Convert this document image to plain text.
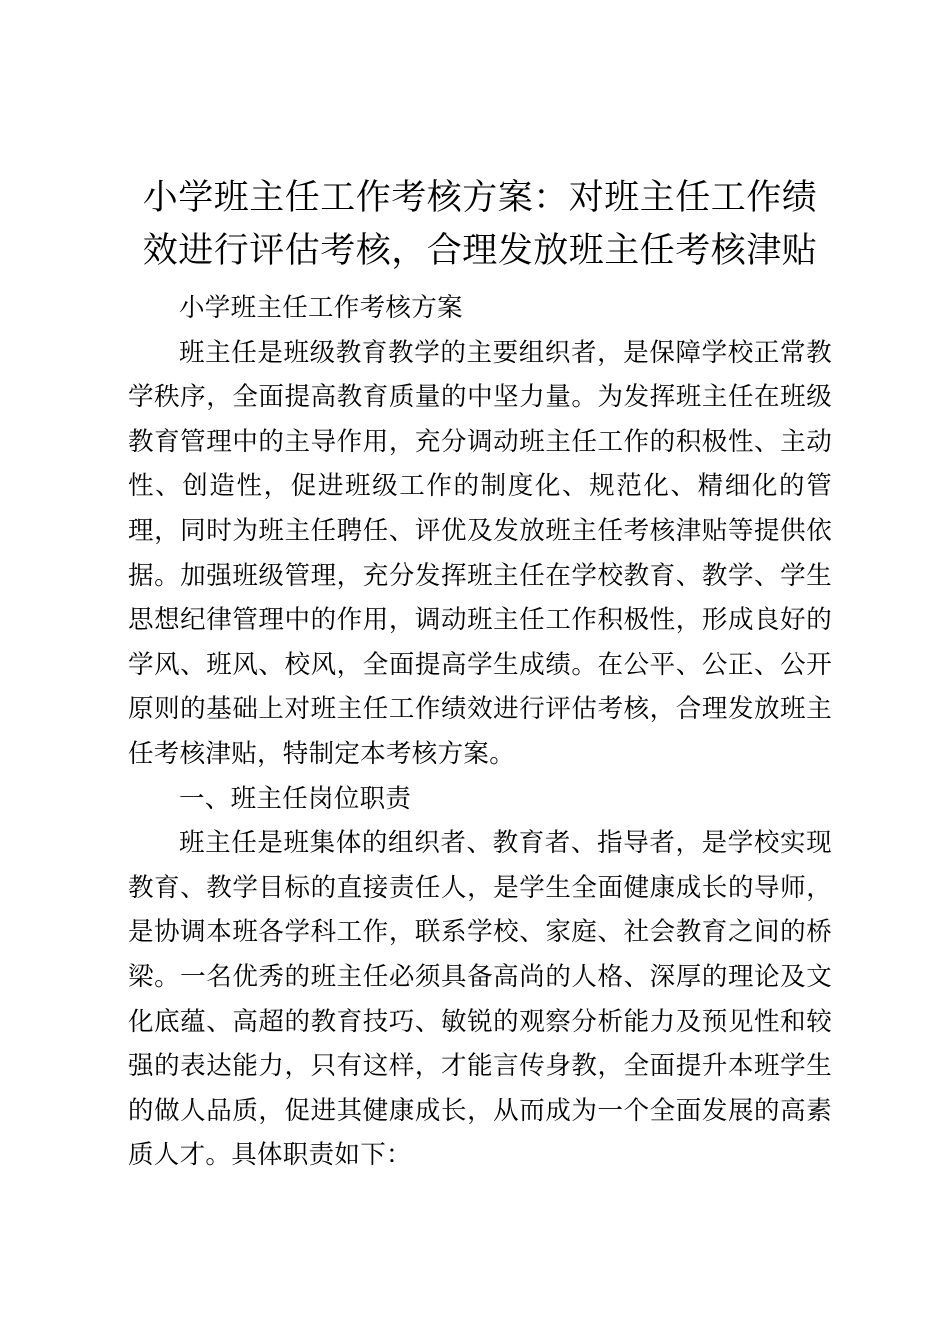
小学班主任工作考核方案：对班主任工作绩效进行评估考核，合理发放班主任考核津贴

小学班主任工作考核方案

班主任是班级教育教学的主要组织者，是保障学校正常教学秩序，全面提高教育质量的中坚力量。为发挥班主任在班级教育管理中的主导作用，充分调动班主任工作的积极性、主动性、创造性，促进班级工作的制度化、规范化、精细化的管理，同时为班主任聘任、评优及发放班主任考核津贴等提供依据。加强班级管理，充分发挥班主任在学校教育、教学、学生思想纪律管理中的作用，调动班主任工作积极性，形成良好的学风、班风、校风，全面提高学生成绩。在公平、公正、公开原则的基础上对班主任工作绩效进行评估考核，合理发放班主任考核津贴，特制定本考核方案。

一、班主任岗位职责

班主任是班集体的组织者、教育者、指导者，是学校实现教育、教学目标的直接责任人，是学生全面健康成长的导师，是协调本班各学科工作，联系学校、家庭、社会教育之间的桥梁。一名优秀的班主任必须具备高尚的人格、深厚的理论及文化底蕴、高超的教育技巧、敏锐的观察分析能力及预见性和较强的表达能力，只有这样，才能言传身教，全面提升本班学生的做人品质，促进其健康成长，从而成为一个全面发展的高素质人才。具体职责如下：
